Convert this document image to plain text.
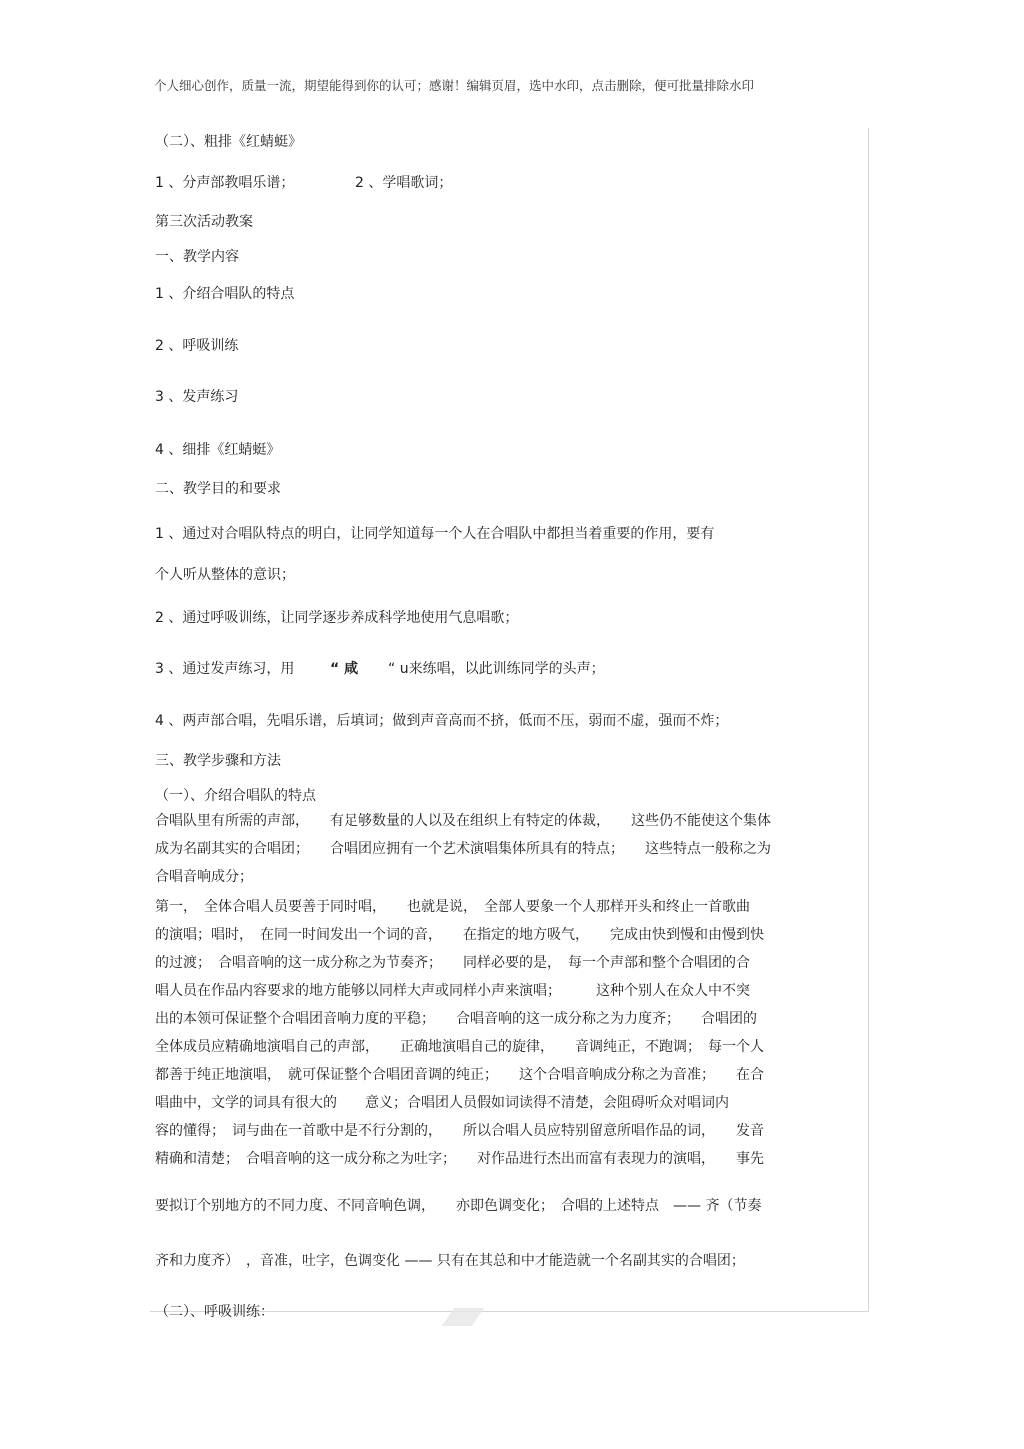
个人细心创作，质量一流，期望能得到你的认可；感谢！编辑页眉，选中水印，点击删除，便可批量排除水印
（二）、粗排《红蜻蜓》
1 、分声部教唱乐谱；	2 、学唱歌词；
第三次活动教案
一、教学内容
1 、介绍合唱队的特点
2 、呼吸训练
3 、发声练习
4 、细排《红蜻蜓》
二、教学目的和要求
1 、通过对合唱队特点的明白，让同学知道每一个人在合唱队中都担当着重要的作用，要有
个人听从整体的意识；
2 、通过呼吸训练，让同学逐步养成科学地使用气息唱歌；
3 、通过发声练习，用	“ 咸 “ u来练唱，以此训练同学的头声；
4 、两声部合唱，先唱乐谱，后填词；做到声音高而不挤，低而不压，弱而不虚，强而不炸；
三、教学步骤和方法
（一）、介绍合唱队的特点
合唱队里有所需的声部，　　有足够数量的人以及在组织上有特定的体裁，　　这些仍不能使这个集体
成为名副其实的合唱团；　　合唱团应拥有一个艺术演唱集体所具有的特点；　　这些特点一般称之为
合唱音响成分；
第一，　全体合唱人员要善于同时唱，　　也就是说，　全部人要象一个人那样开头和终止一首歌曲
的演唱；唱时，　在同一时间发出一个词的音，　　在指定的地方吸气，　　完成由快到慢和由慢到快
的过渡；　合唱音响的这一成分称之为节奏齐；　　同样必要的是，　每一个声部和整个合唱团的合
唱人员在作品内容要求的地方能够以同样大声或同样小声来演唱；　　　这种个别人在众人中不突
出的本领可保证整个合唱团音响力度的平稳；　　合唱音响的这一成分称之为力度齐；　　合唱团的
全体成员应精确地演唱自己的声部，　　正确地演唱自己的旋律，　　音调纯正，不跑调；　每一个人
都善于纯正地演唱，　就可保证整个合唱团音调的纯正；　　这个合唱音响成分称之为音准；　　在合
唱曲中，文学的词具有很大的　　意义；合唱团人员假如词读得不清楚，会阻碍听众对唱词内
容的懂得；　词与曲在一首歌中是不行分割的，　　所以合唱人员应特别留意所唱作品的词，　　发音
精确和清楚；　合唱音响的这一成分称之为吐字；　　对作品进行杰出而富有表现力的演唱，　　事先
要拟订个别地方的不同力度、不同音响色调，　　亦即色调变化；　合唱的上述特点　—— 齐（节奏
齐和力度齐）　，音准，吐字，色调变化 —— 只有在其总和中才能造就一个名副其实的合唱团；
（二）、呼吸训练：
